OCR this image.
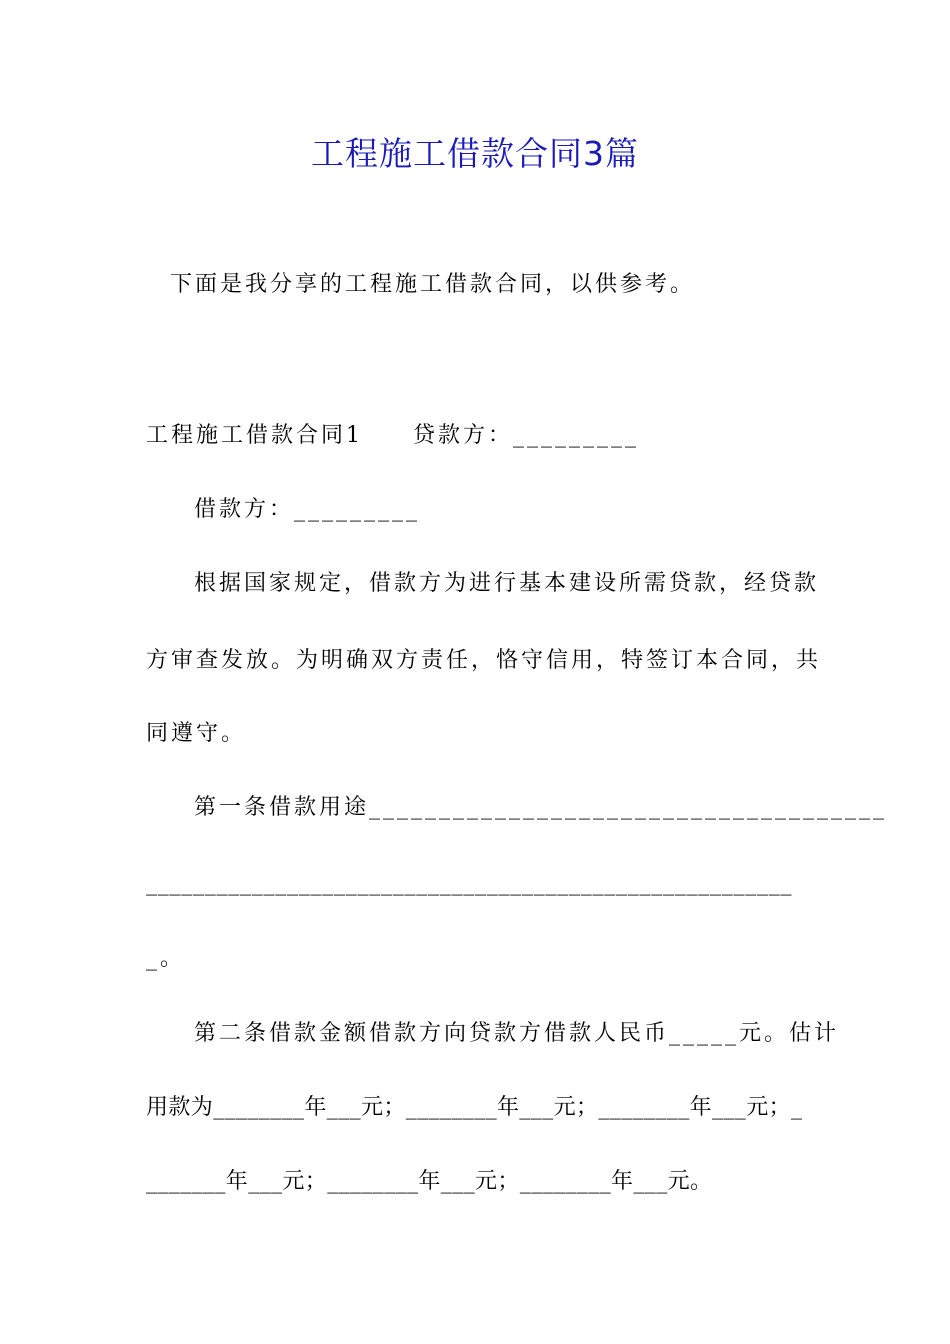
工程施工借款合同3篇
下面是我分享的工程施工借款合同，以供参考。
工程施工借款合同1　　贷款方：_________
借款方：_________
根据国家规定，借款方为进行基本建设所需贷款，经贷款
方审查发放。为明确双方责任，恪守信用，特签订本合同，共
同遵守。
第一条借款用途_____________________________________
_______________________________________________________
_。
第二条借款金额借款方向贷款方借款人民币_____元。估计
用款为________年___元；________年___元；________年___元；_
_______年___元；________年___元；________年___元。
